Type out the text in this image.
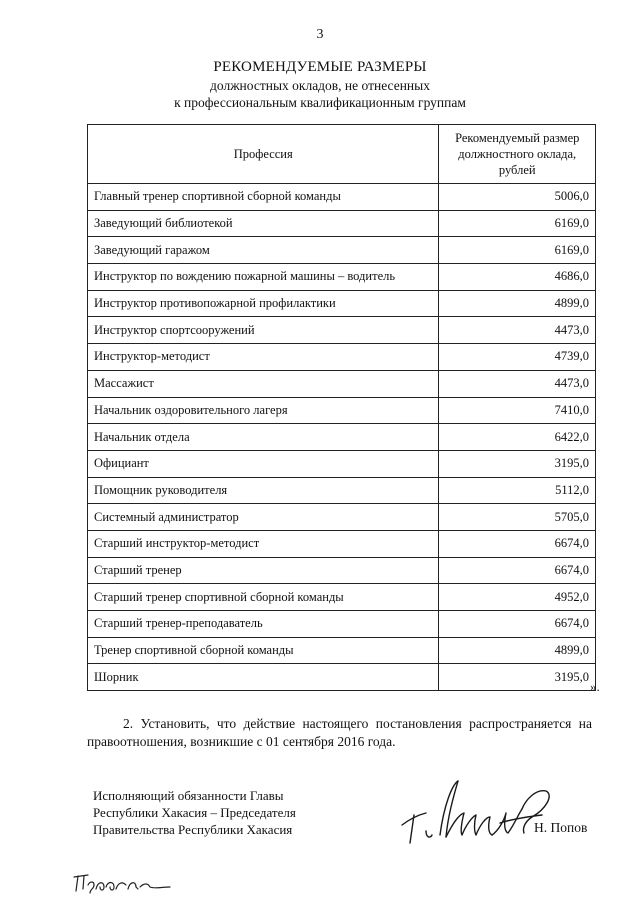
3
РЕКОМЕНДУЕМЫЕ РАЗМЕРЫ
должностных окладов, не отнесенных
к профессиональным квалификационным группам
Профессия	Рекомендуемый размер
должностного оклада,
рублей

Главный тренер спортивной сборной команды	5006,0
Заведующий библиотекой	6169,0
Заведующий гаражом	6169,0
Инструктор по вождению пожарной машины – водитель	4686,0
Инструктор противопожарной профилактики	4899,0
Инструктор спортсооружений	4473,0
Инструктор-методист	4739,0
Массажист	4473,0
Начальник оздоровительного лагеря	7410,0
Начальник отдела	6422,0
Официант	3195,0
Помощник руководителя	5112,0
Системный администратор	5705,0
Старший инструктор-методист	6674,0
Старший тренер	6674,0
Старший тренер спортивной сборной команды	4952,0
Старший тренер-преподаватель	6674,0
Тренер спортивной сборной команды	4899,0
Шорник	3195,0
».
2. Установить, что действие настоящего постановления распространяется на правоотношения, возникшие с 01 сентября 2016 года.
Исполняющий обязанности Главы
Республики Хакасия – Председателя
Правительства Республики Хакасия	Н. Попов
